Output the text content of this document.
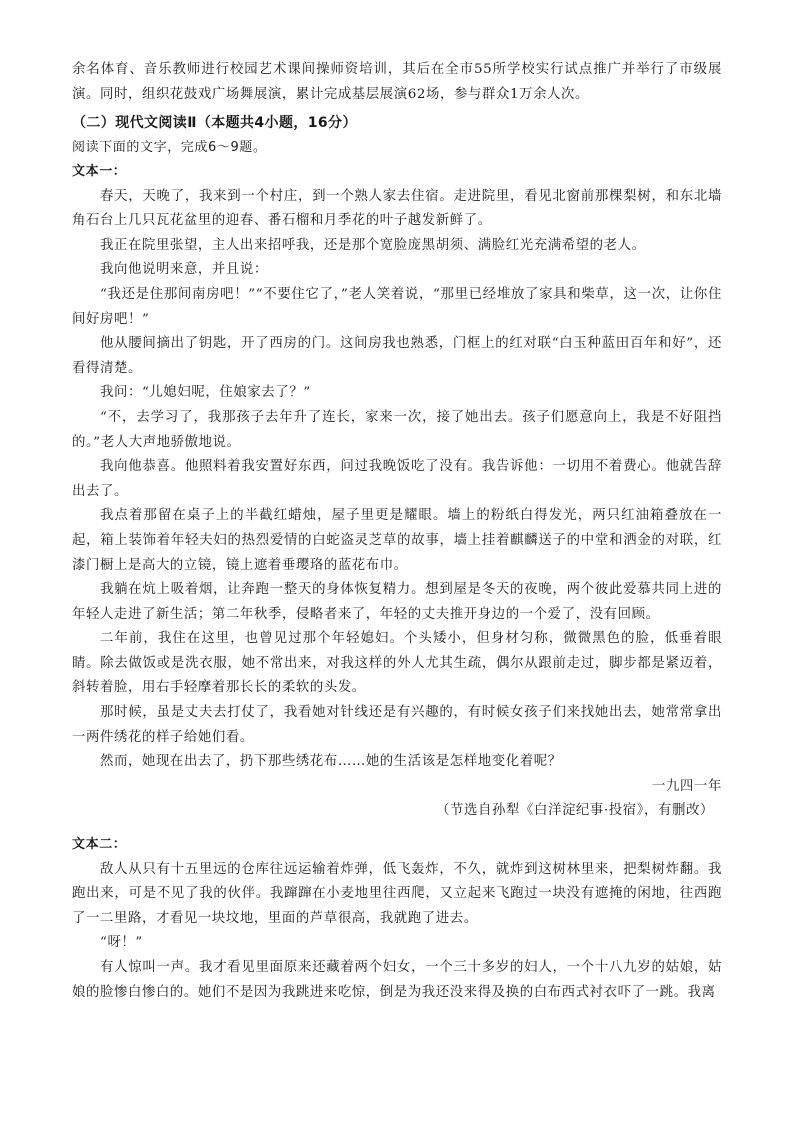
余名体育、音乐教师进行校园艺术课间操师资培训，其后在全市55所学校实行试点推广并举行了市级展演。同时，组织花鼓戏广场舞展演，累计完成基层展演62场，参与群众1万余人次。

（二）现代文阅读Ⅱ（本题共4小题，16分）

阅读下面的文字，完成6～9题。

文本一：

春天，天晚了，我来到一个村庄，到一个熟人家去住宿。走进院里，看见北窗前那棵梨树，和东北墙角石台上几只瓦花盆里的迎春、番石榴和月季花的叶子越发新鲜了。

我正在院里张望，主人出来招呼我，还是那个宽脸庞黑胡须、满脸红光充满希望的老人。

我向他说明来意，并且说：

“我还是住那间南房吧！”“不要住它了，”老人笑着说，“那里已经堆放了家具和柴草，这一次，让你住间好房吧！”

他从腰间摘出了钥匙，开了西房的门。这间房我也熟悉，门框上的红对联“白玉种蓝田百年和好”，还看得清楚。

我问：“儿媳妇呢，住娘家去了？”

“不，去学习了，我那孩子去年升了连长，家来一次，接了她出去。孩子们愿意向上，我是不好阻挡的。”老人大声地骄傲地说。

我向他恭喜。他照料着我安置好东西，问过我晚饭吃了没有。我告诉他：一切用不着费心。他就告辞出去了。

我点着那留在桌子上的半截红蜡烛，屋子里更是耀眼。墙上的粉纸白得发光，两只红油箱叠放在一起，箱上装饰着年轻夫妇的热烈爱情的白蛇盗灵芝草的故事，墙上挂着麒麟送子的中堂和洒金的对联，红漆门橱上是高大的立镜，镜上遮着垂璎珞的蓝花布巾。

我躺在炕上吸着烟，让奔跑一整天的身体恢复精力。想到屋是冬天的夜晚，两个彼此爱慕共同上进的年轻人走进了新生活；第二年秋季，侵略者来了，年轻的丈夫推开身边的一个爱了，没有回顾。

二年前，我住在这里，也曾见过那个年轻媳妇。个头矮小，但身材匀称，微微黑色的脸，低垂着眼睛。除去做饭或是洗衣服，她不常出来，对我这样的外人尤其生疏，偶尔从跟前走过，脚步都是紧迈着，斜转着脸，用右手轻摩着那长长的柔软的头发。

那时候，虽是丈夫去打仗了，我看她对针线还是有兴趣的，有时候女孩子们来找她出去，她常常拿出一两件绣花的样子给她们看。

然而，她现在出去了，扔下那些绣花布……她的生活该是怎样地变化着呢？

一九四一年

（节选自孙犁《白洋淀纪事·投宿》，有删改）

文本二：

敌人从只有十五里远的仓库往远运输着炸弹，低飞轰炸，不久，就炸到这树林里来，把梨树炸翻。我跑出来，可是不见了我的伙伴。我蹿蹿在小麦地里往西爬，又立起来飞跑过一块没有遮掩的闲地，往西跑了一二里路，才看见一块坟地，里面的芦草很高，我就跑了进去。

“呀！”

有人惊叫一声。我才看见里面原来还藏着两个妇女，一个三十多岁的妇人，一个十八九岁的姑娘，姑娘的脸惨白惨白的。她们不是因为我跳进来吃惊，倒是为我还没来得及换的白布西式衬衣吓了一跳。我离
